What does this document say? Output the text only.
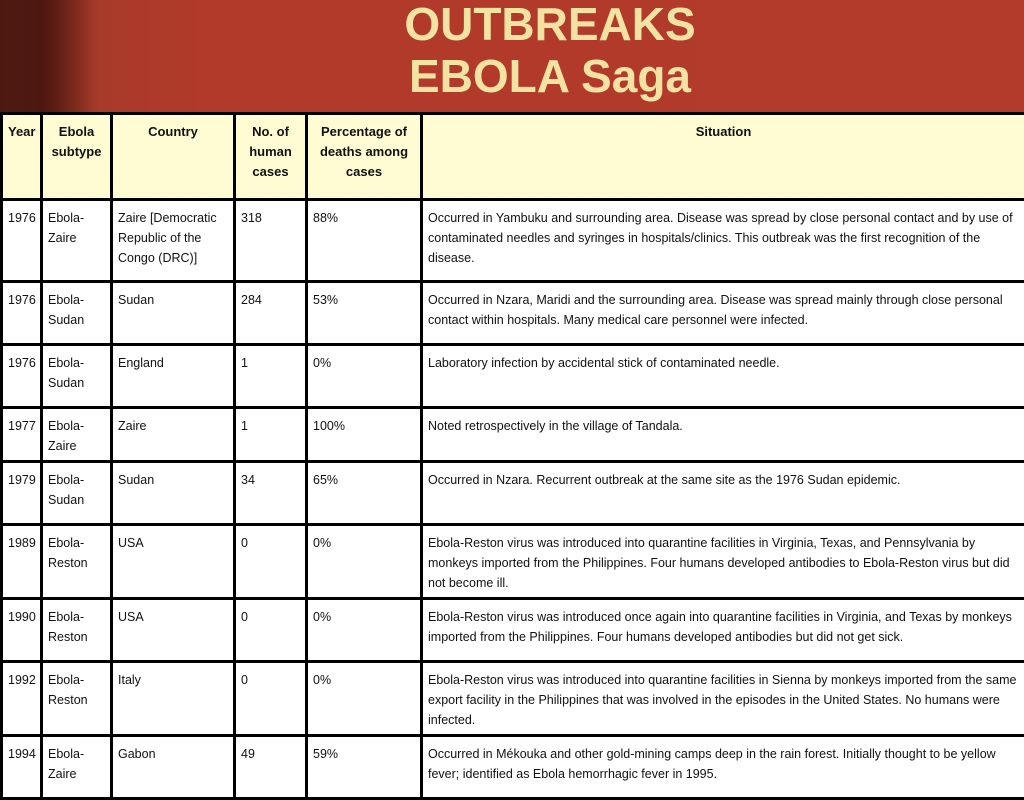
OUTBREAKS
EBOLA Saga
Year	Ebola subtype	Country	No. of human cases	Percentage of deaths among cases	Situation
1976	Ebola-Zaire	Zaire [Democratic Republic of the Congo (DRC)]	318	88%	Occurred in Yambuku and surrounding area. Disease was spread by close personal contact and by use of contaminated needles and syringes in hospitals/clinics. This outbreak was the first recognition of the disease.
1976	Ebola-Sudan	Sudan	284	53%	Occurred in Nzara, Maridi and the surrounding area. Disease was spread mainly through close personal contact within hospitals. Many medical care personnel were infected.
1976	Ebola-Sudan	England	1	0%	Laboratory infection by accidental stick of contaminated needle.
1977	Ebola-Zaire	Zaire	1	100%	Noted retrospectively in the village of Tandala.
1979	Ebola-Sudan	Sudan	34	65%	Occurred in Nzara. Recurrent outbreak at the same site as the 1976 Sudan epidemic.
1989	Ebola-Reston	USA	0	0%	Ebola-Reston virus was introduced into quarantine facilities in Virginia, Texas, and Pennsylvania by monkeys imported from the Philippines. Four humans developed antibodies to Ebola-Reston virus but did not become ill.
1990	Ebola-Reston	USA	0	0%	Ebola-Reston virus was introduced once again into quarantine facilities in Virginia, and Texas by monkeys imported from the Philippines. Four humans developed antibodies but did not get sick.
1992	Ebola-Reston	Italy	0	0%	Ebola-Reston virus was introduced into quarantine facilities in Sienna by monkeys imported from the same export facility in the Philippines that was involved in the episodes in the United States. No humans were infected.
1994	Ebola-Zaire	Gabon	49	59%	Occurred in Mékouka and other gold-mining camps deep in the rain forest. Initially thought to be yellow fever; identified as Ebola hemorrhagic fever in 1995.
